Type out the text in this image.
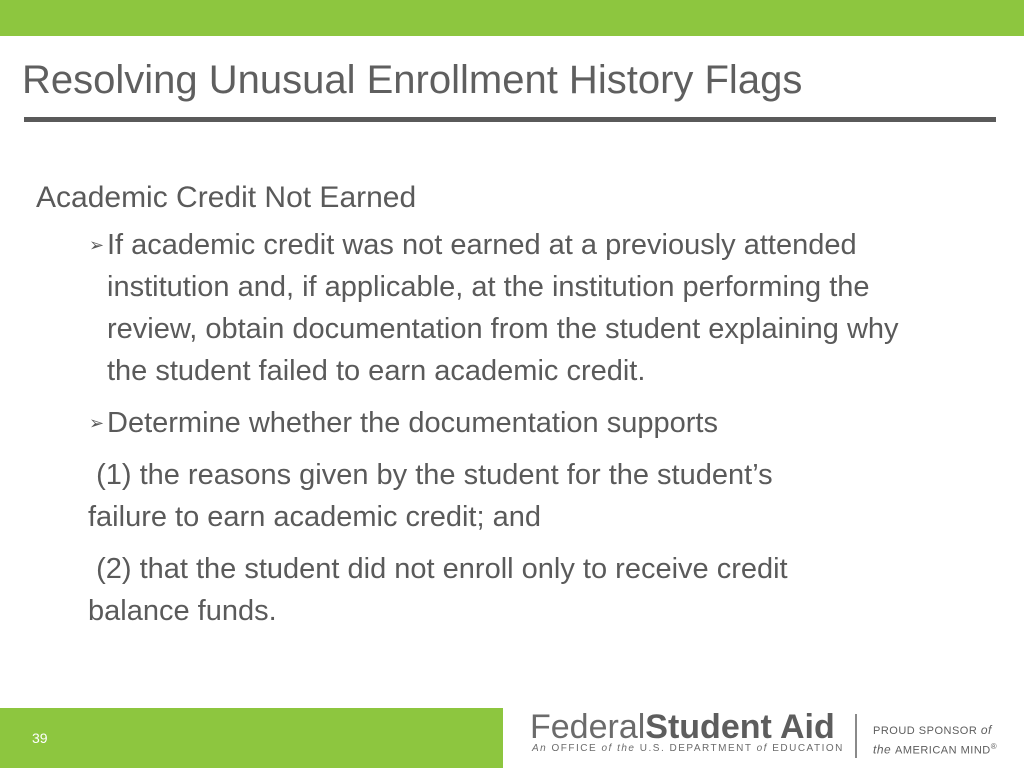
Resolving Unusual Enrollment History Flags
Academic Credit Not Earned
➢ If academic credit was not earned at a previously attended institution and, if applicable, at the institution performing the review, obtain documentation from the student explaining why the student failed to earn academic credit.
➢ Determine whether the documentation supports
(1) the reasons given by the student for the student’s failure to earn academic credit; and
(2) that the student did not enroll only to receive credit balance funds.
39	FederalStudent Aid
An OFFICE of the U.S. DEPARTMENT of EDUCATION
PROUD SPONSOR of
the AMERICAN MIND®
